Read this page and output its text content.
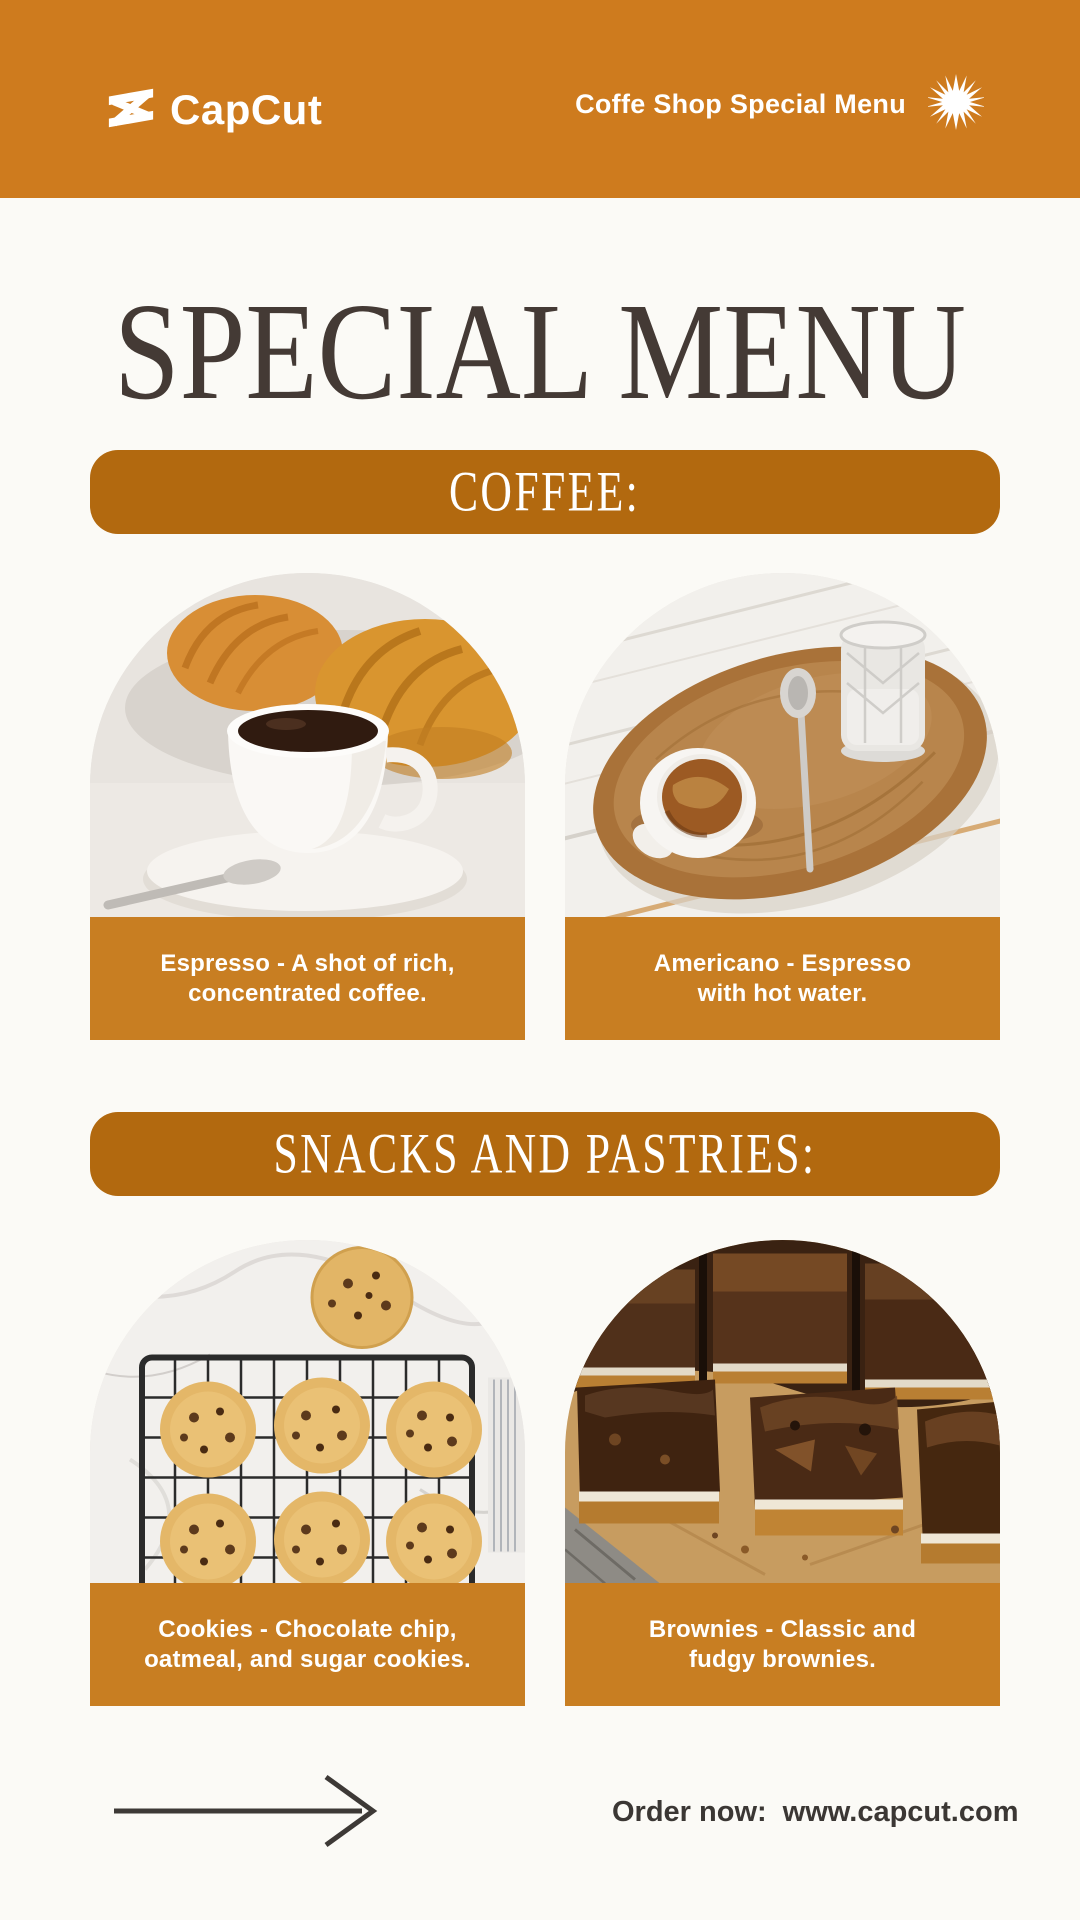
CapCut	Coffe Shop Special Menu
SPECIAL MENU
COFFEE:
SNACKS AND PASTRIES:
Espresso - A shot of rich,
concentrated coffee.
Americano - Espresso
with hot water.
Cookies - Chocolate chip,
oatmeal, and sugar cookies.
Brownies - Classic and
fudgy brownies.
Order now: www.capcut.com
